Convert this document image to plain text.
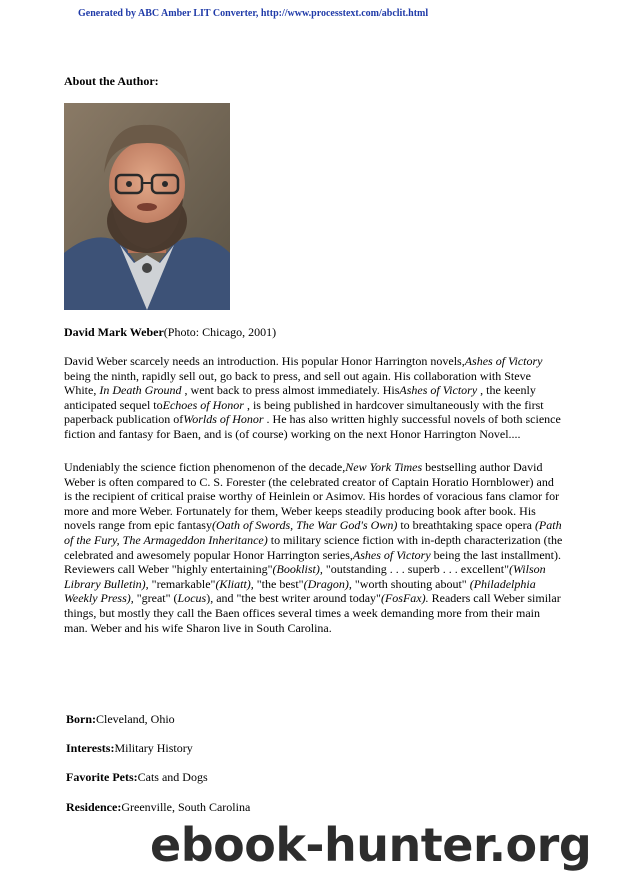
Generated by ABC Amber LIT Converter, http://www.processtext.com/abclit.html
About the Author:
David Mark Weber(Photo: Chicago, 2001)

David Weber scarcely needs an introduction. His popular Honor Harrington novels,Ashes of Victory being the ninth, rapidly sell out, go back to press, and sell out again. His collaboration with Steve White, In Death Ground , went back to press almost immediately. HisAshes of Victory , the keenly anticipated sequel toEchoes of Honor , is being published in hardcover simultaneously with the first paperback publication ofWorlds of Honor . He has also written highly successful novels of both science fiction and fantasy for Baen, and is (of course) working on the next Honor Harrington Novel....

Undeniably the science fiction phenomenon of the decade,New York Times bestselling author David Weber is often compared to C. S. Forester (the celebrated creator of Captain Horatio Hornblower) and is the recipient of critical praise worthy of Heinlein or Asimov. His hordes of voracious fans clamor for more and more Weber. Fortunately for them, Weber keeps steadily producing book after book. His novels range from epic fantasy(Oath of Swords, The War God's Own) to breathtaking space opera (Path of the Fury, The Armageddon Inheritance) to military science fiction with in-depth characterization (the celebrated and awesomely popular Honor Harrington series,Ashes of Victory being the last installment). Reviewers call Weber "highly entertaining"(Booklist), "outstanding . . . superb . . . excellent"(Wilson Library Bulletin), "remarkable"(Kliatt), "the best"(Dragon), "worth shouting about" (Philadelphia Weekly Press), "great" (Locus), and "the best writer around today"(FosFax). Readers call Weber similar things, but mostly they call the Baen offices several times a week demanding more from their main man. Weber and his wife Sharon live in South Carolina.

Born:Cleveland, Ohio
Interests:Military History
Favorite Pets:Cats and Dogs
Residence:Greenville, South Carolina
ebook-hunter.org
